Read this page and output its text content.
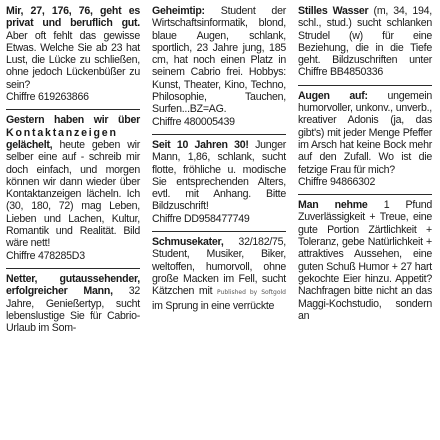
Mir, 27, 176, 76, geht es privat und beruflich gut. Aber oft fehlt das gewisse Etwas. Welche Sie ab 23 hat Lust, die Lücke zu schließen, ohne jedoch Lückenbüßer zu sein?
Chiffre 619263866
Gestern haben wir über Kontaktanzeigen gelächelt, heute geben wir selber eine auf - schreib mir doch einfach, und morgen können wir dann wieder über Kontaktanzeigen lächeln. Ich (30, 180, 72) mag Leben, Lieben und Lachen, Kultur, Romantik und Realität. Bild wäre nett!
Chiffre 478285D3
Netter, gutaussehender, erfolgreicher Mann, 32 Jahre, Genießertyp, sucht lebenslustige Sie für Cabrio-Urlaub im Som-
Geheimtip: Student der Wirtschaftsinformatik, blond, blaue Augen, schlank, sportlich, 23 Jahre jung, 185 cm, hat noch einen Platz in seinem Cabrio frei. Hobbys: Kunst, Theater, Kino, Techno, Philosophie, Tauchen, Surfen...BZ=AG.
Chiffre 480005439
Seit 10 Jahren 30! Junger Mann, 1,86, schlank, sucht flotte, fröhliche u. modische Sie entsprechenden Alters, evtl. mit Anhang. Bitte Bildzuschrift!
Chiffre DD958477749
Schmusekater, 32/182/75, Student, Musiker, Biker, weltoffen, humorvoll, ohne große Macken im Fell, sucht Kätzchen mit Published by Softgold im Sprung in eine verrückte
Stilles Wasser (m, 34, 194, schl., stud.) sucht schlanken Strudel (w) für eine Beziehung, die in die Tiefe geht. Bildzuschriften unter Chiffre BB4850336
Augen auf: ungemein humorvoller, unkonv., unverb., kreativer Adonis (ja, das gibt's) mit jeder Menge Pfeffer im Arsch hat keine Bock mehr auf den Zufall. Wo ist die fetzige Frau für mich?
Chiffre 94866302
Man nehme 1 Pfund Zuverlässigkeit + Treue, eine gute Portion Zärtlichkeit + Toleranz, gebe Natürlichkeit + attraktives Aussehen, eine guten Schuß Humor + 27 hart gekochte Eier hinzu. Appetit? Nachfragen bitte nicht an das Maggi-Kochstudio, sondern an
